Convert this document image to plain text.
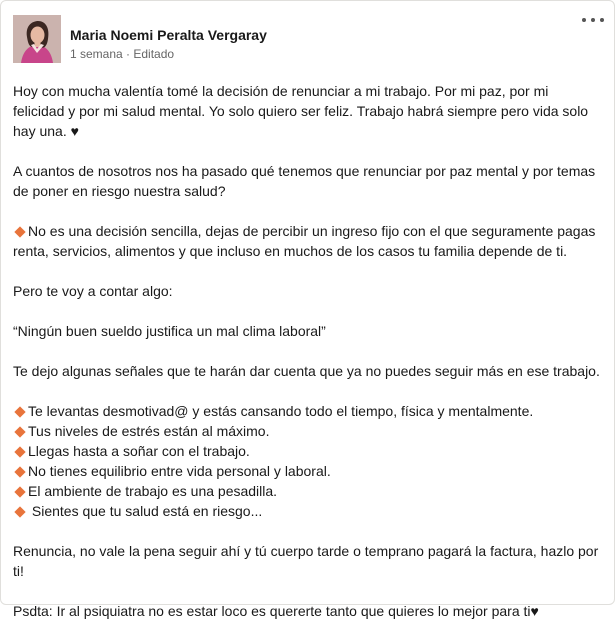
Maria Noemi Peralta Vergaray
1 semana · Editado

Hoy con mucha valentía tomé la decisión de renunciar a mi trabajo. Por mi paz, por mi felicidad y por mi salud mental. Yo solo quiero ser feliz. Trabajo habrá siempre pero vida solo hay una. ♥

A cuantos de nosotros nos ha pasado qué tenemos que renunciar por paz mental y por temas de poner en riesgo nuestra salud?

No es una decisión sencilla, dejas de percibir un ingreso fijo con el que seguramente pagas renta, servicios, alimentos y que incluso en muchos de los casos tu familia depende de ti.

Pero te voy a contar algo:

“Ningún buen sueldo justifica un mal clima laboral”

Te dejo algunas señales que te harán dar cuenta que ya no puedes seguir más en ese trabajo.

Te levantas desmotivad@ y estás cansando todo el tiempo, física y mentalmente.
Tus niveles de estrés están al máximo.
Llegas hasta a soñar con el trabajo.
No tienes equilibrio entre vida personal y laboral.
El ambiente de trabajo es una pesadilla.
Sientes que tu salud está en riesgo...

Renuncia, no vale la pena seguir ahí y tú cuerpo tarde o temprano pagará la factura, hazlo por ti!

Psdta: Ir al psiquiatra no es estar loco es quererte tanto que quieres lo mejor para ti♥
